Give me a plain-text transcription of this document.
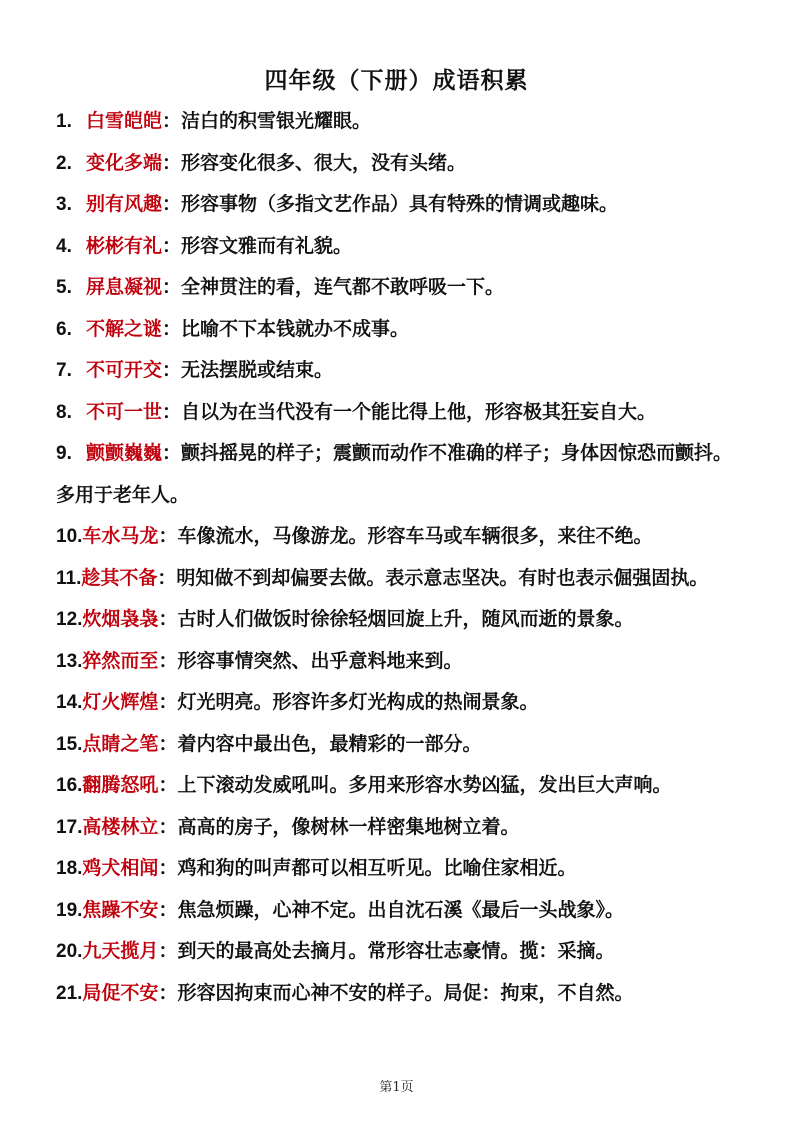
四年级（下册）成语积累
1. 白雪皑皑：洁白的积雪银光耀眼。
2. 变化多端：形容变化很多、很大，没有头绪。
3. 别有风趣：形容事物（多指文艺作品）具有特殊的情调或趣味。
4. 彬彬有礼：形容文雅而有礼貌。
5. 屏息凝视：全神贯注的看，连气都不敢呼吸一下。
6. 不解之谜：比喻不下本钱就办不成事。
7. 不可开交：无法摆脱或结束。
8. 不可一世：自以为在当代没有一个能比得上他，形容极其狂妄自大。
9. 颤颤巍巍：颤抖摇晃的样子；震颤而动作不准确的样子；身体因惊恐而颤抖。多用于老年人。
10.车水马龙：车像流水，马像游龙。形容车马或车辆很多，来往不绝。
11.趁其不备：明知做不到却偏要去做。表示意志坚决。有时也表示倔强固执。
12.炊烟袅袅：古时人们做饭时徐徐轻烟回旋上升，随风而逝的景象。
13.猝然而至：形容事情突然、出乎意料地来到。
14.灯火辉煌：灯光明亮。形容许多灯光构成的热闹景象。
15.点睛之笔：着内容中最出色，最精彩的一部分。
16.翻腾怒吼：上下滚动发威吼叫。多用来形容水势凶猛，发出巨大声响。
17.高楼林立：高高的房子，像树林一样密集地树立着。
18.鸡犬相闻：鸡和狗的叫声都可以相互听见。比喻住家相近。
19.焦躁不安：焦急烦躁，心神不定。出自沈石溪《最后一头战象》。
20.九天揽月：到天的最高处去摘月。常形容壮志豪情。揽：采摘。
21.局促不安：形容因拘束而心神不安的样子。局促：拘束，不自然。
第1页
